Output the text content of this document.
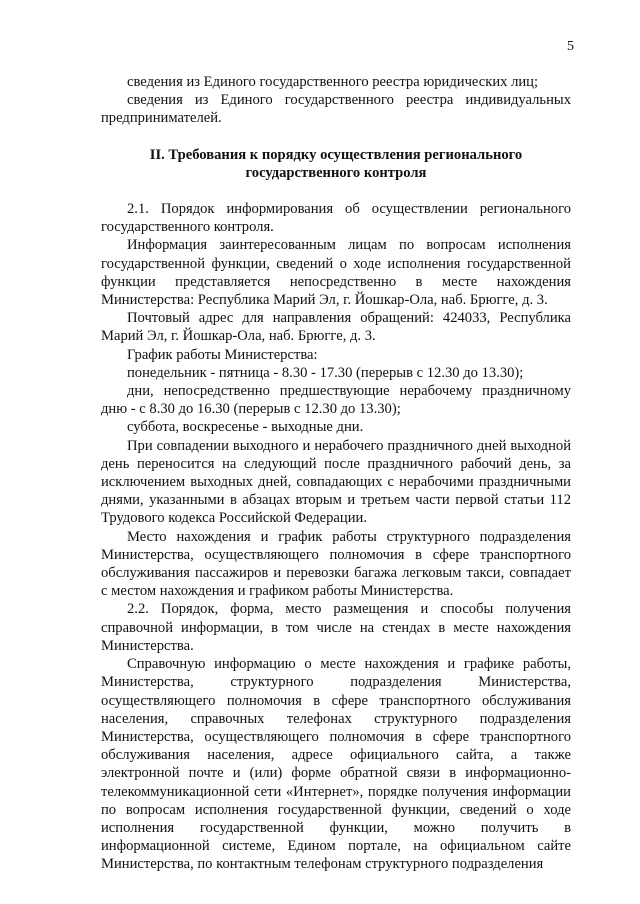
5

сведения из Единого государственного реестра юридических лиц;

сведения из Единого государственного реестра индивидуальных предпринимателей.

II. Требования к порядку осуществления регионального
государственного контроля

2.1. Порядок информирования об осуществлении регионального государственного контроля.

Информация заинтересованным лицам по вопросам исполнения государственной функции, сведений о ходе исполнения государственной функции представляется непосредственно в месте нахождения Министерства: Республика Марий Эл, г. Йошкар-Ола, наб. Брюгге, д. 3.

Почтовый адрес для направления обращений: 424033, Республика Марий Эл, г. Йошкар-Ола, наб. Брюгге, д. 3.

График работы Министерства:

понедельник - пятница - 8.30 - 17.30 (перерыв с 12.30 до 13.30);

дни, непосредственно предшествующие нерабочему праздничному дню - с 8.30 до 16.30 (перерыв с 12.30 до 13.30);

суббота, воскресенье - выходные дни.

При совпадении выходного и нерабочего праздничного дней выходной день переносится на следующий после праздничного рабочий день, за исключением выходных дней, совпадающих с нерабочими праздничными днями, указанными в абзацах вторым и третьем части первой статьи 112 Трудового кодекса Российской Федерации.

Место нахождения и график работы структурного подразделения Министерства, осуществляющего полномочия в сфере транспортного обслуживания пассажиров и перевозки багажа легковым такси, совпадает с местом нахождения и графиком работы Министерства.

2.2. Порядок, форма, место размещения и способы получения справочной информации, в том числе на стендах в месте нахождения Министерства.

Справочную информацию о месте нахождения и графике работы, Министерства, структурного подразделения Министерства, осуществляющего полномочия в сфере транспортного обслуживания населения, справочных телефонах структурного подразделения Министерства, осуществляющего полномочия в сфере транспортного обслуживания населения, адресе официального сайта, а также электронной почте и (или) форме обратной связи в информационно-телекоммуникационной сети «Интернет», порядке получения информации по вопросам исполнения государственной функции, сведений о ходе исполнения государственной функции, можно получить в информационной системе, Едином портале, на официальном сайте Министерства, по контактным телефонам структурного подразделения
